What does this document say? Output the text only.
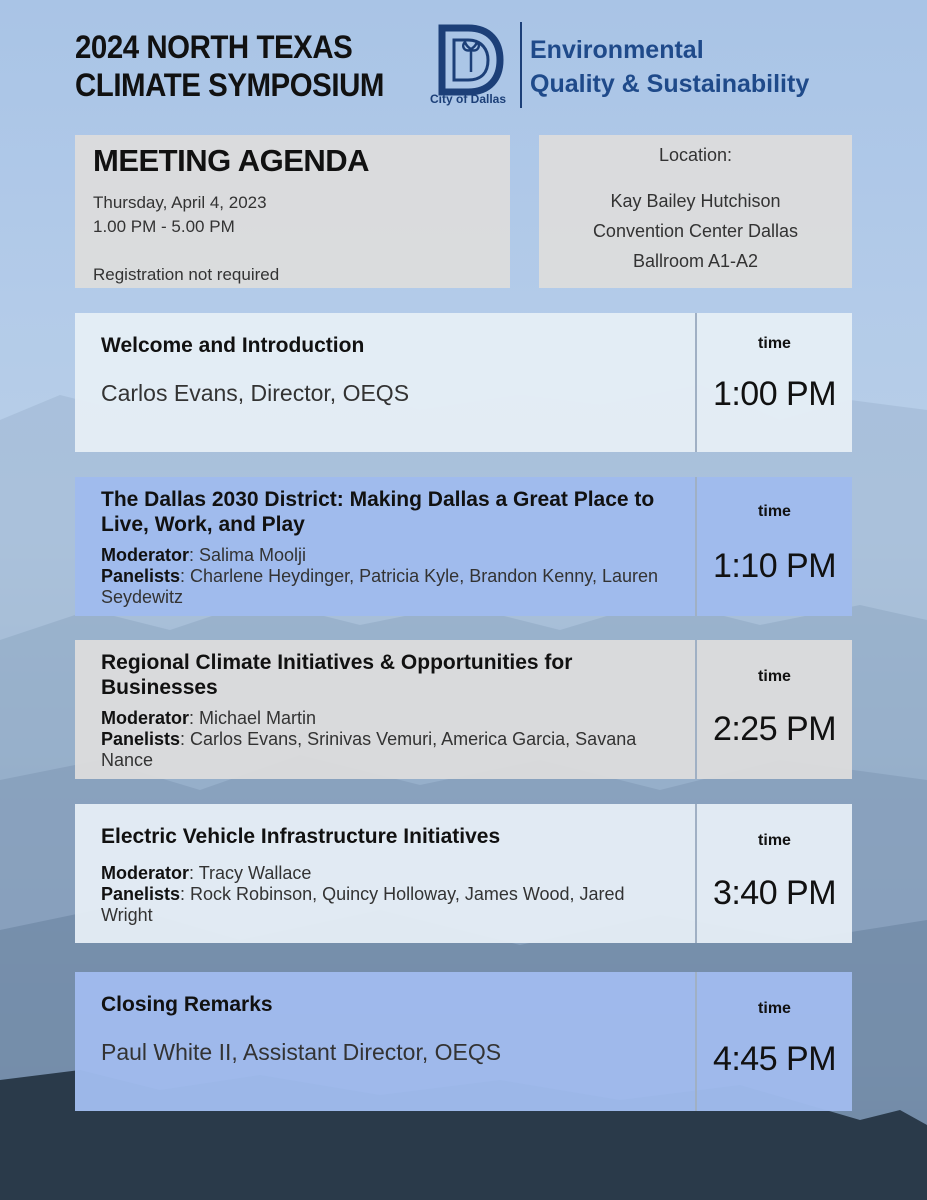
2024 NORTH TEXAS
CLIMATE SYMPOSIUM	City of Dallas
Environmental
Quality & Sustainability
MEETING AGENDA
Thursday, April 4, 2023
1.00 PM - 5.00 PM
Registration not required
Location:
Kay Bailey Hutchison
Convention Center Dallas
Ballroom A1-A2
Welcome and Introduction
Carlos Evans, Director, OEQS
time
1:00 PM
The Dallas 2030 District: Making Dallas a Great Place to Live, Work, and Play
Moderator: Salima Moolji
Panelists: Charlene Heydinger, Patricia Kyle, Brandon Kenny, Lauren Seydewitz
time
1:10 PM
Regional Climate Initiatives & Opportunities for Businesses
Moderator: Michael Martin
Panelists: Carlos Evans, Srinivas Vemuri, America Garcia, Savana Nance
time
2:25 PM
Electric Vehicle Infrastructure Initiatives
Moderator: Tracy Wallace
Panelists: Rock Robinson, Quincy Holloway, James Wood, Jared Wright
time
3:40 PM
Closing Remarks
Paul White II, Assistant Director, OEQS
time
4:45 PM
